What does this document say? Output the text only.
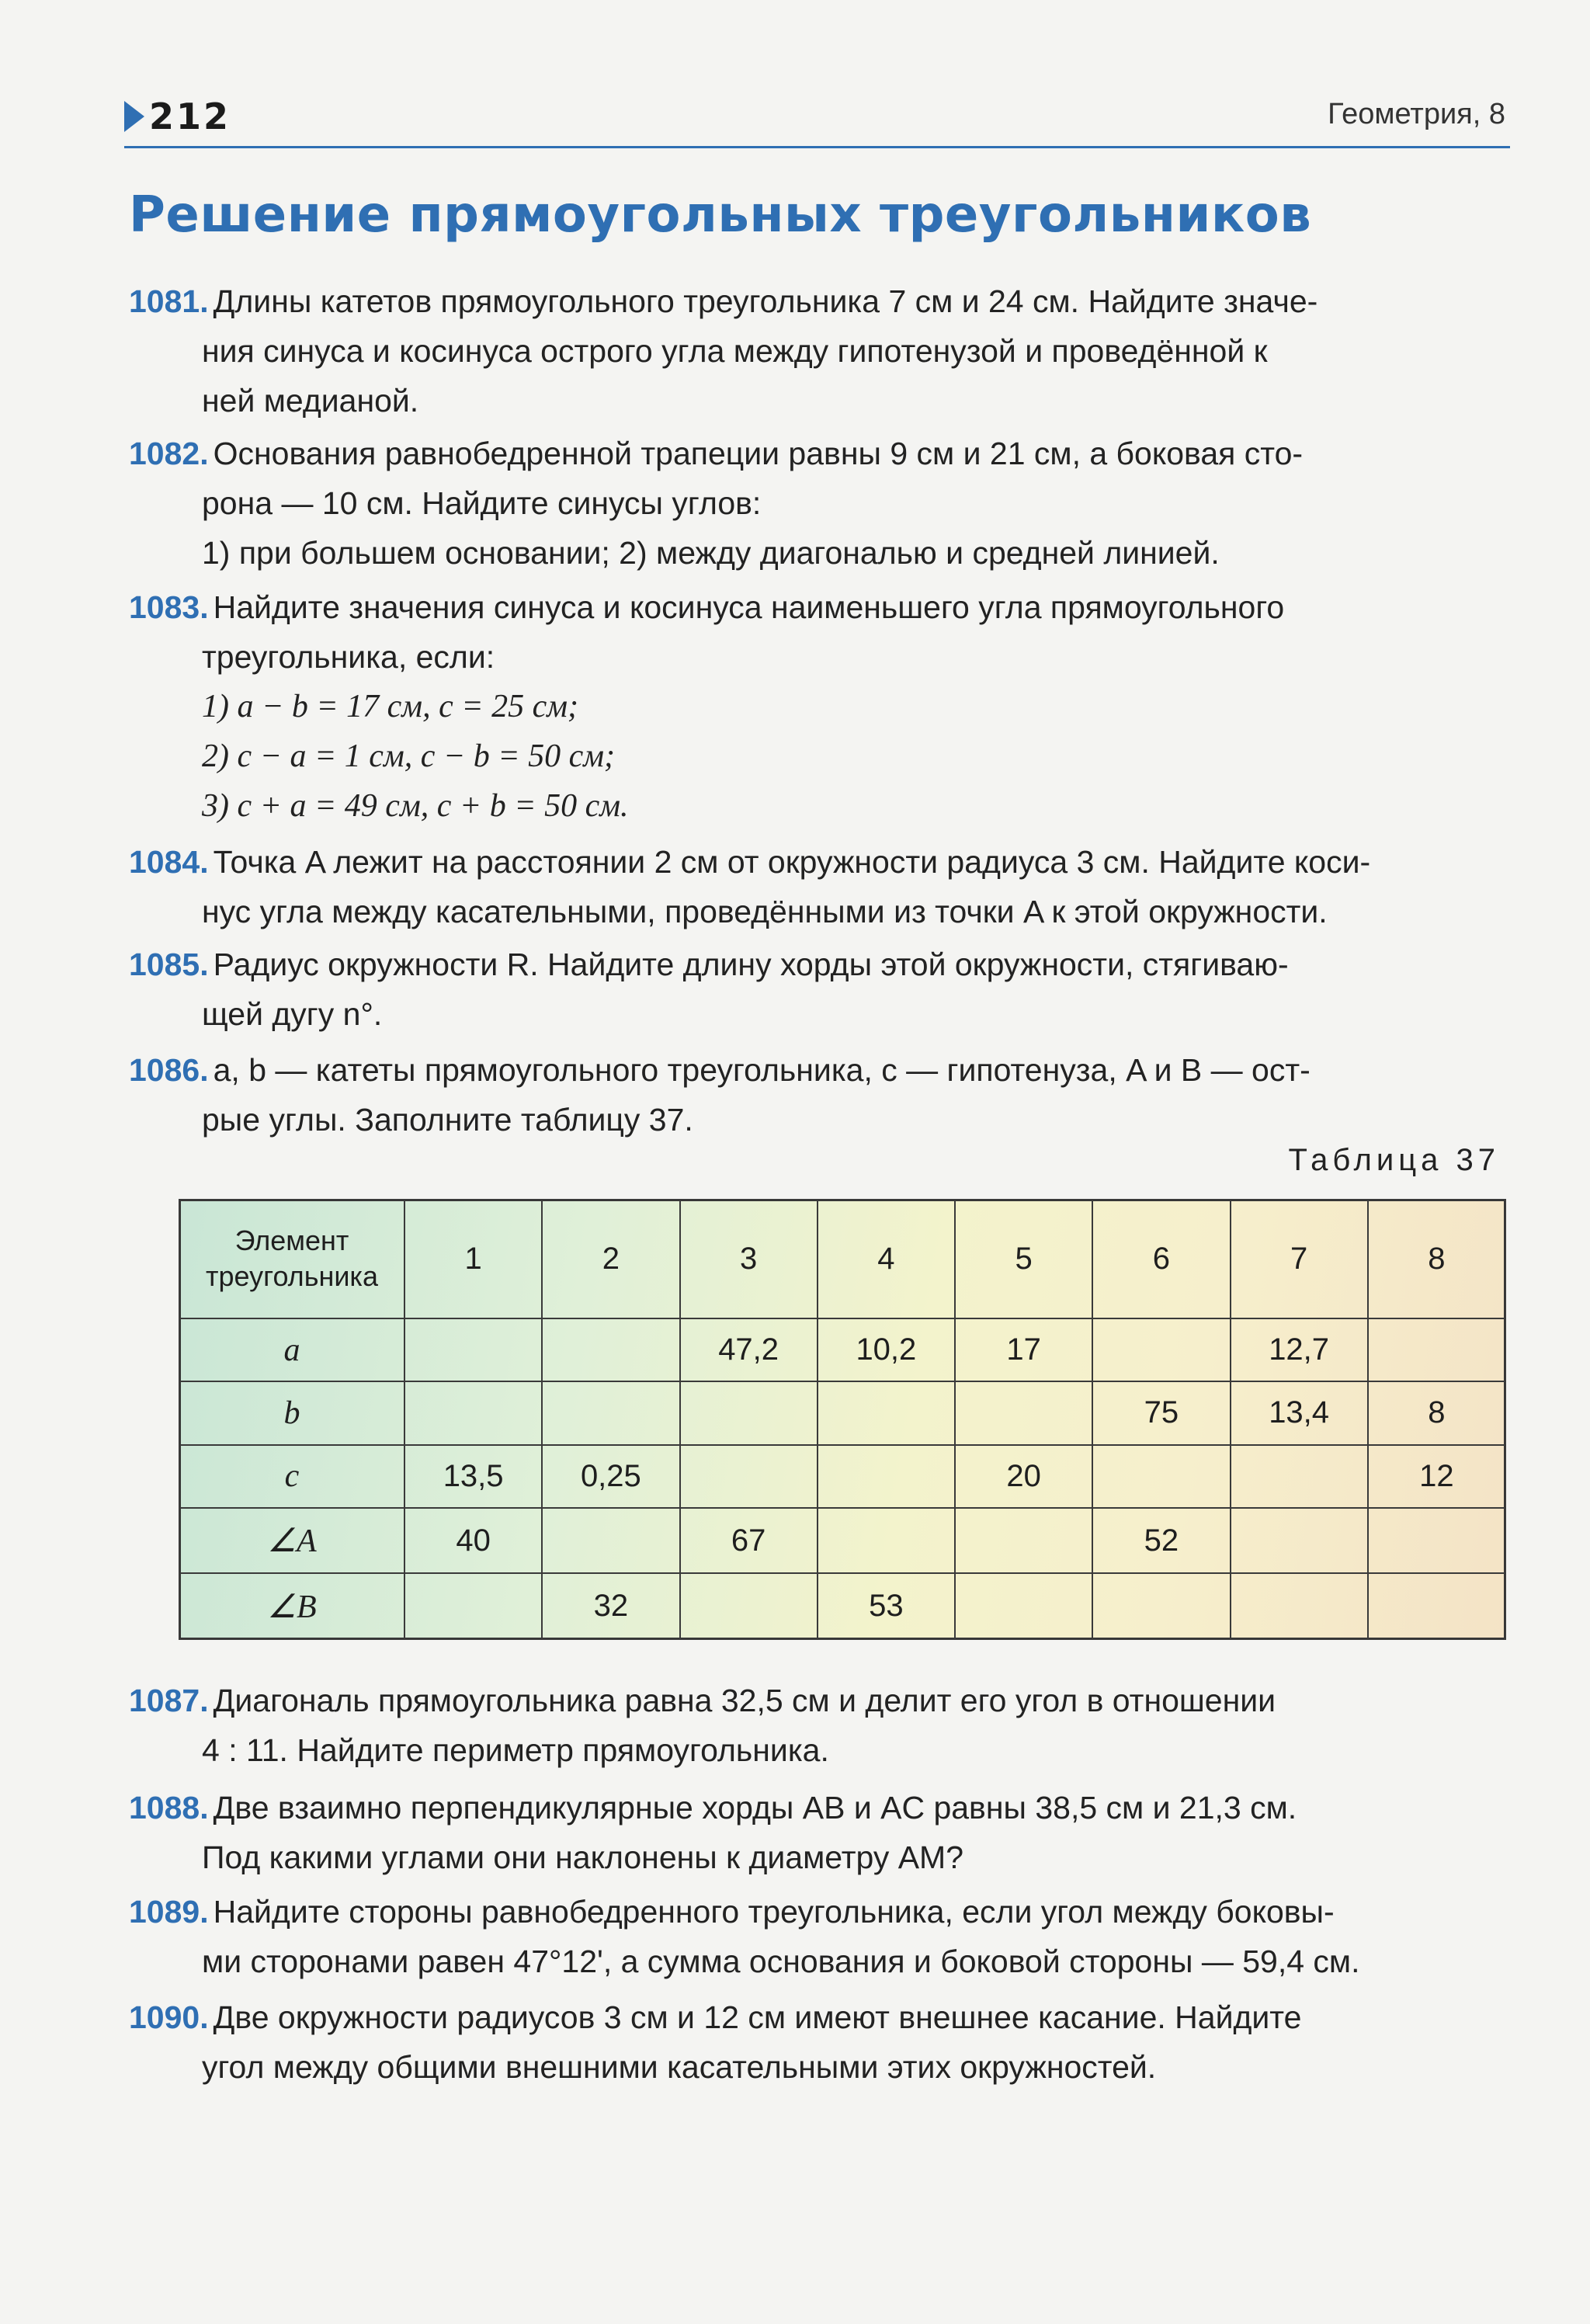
212	Геометрия, 8
Решение прямоугольных треугольников
1081. Длины катетов прямоугольного треугольника 7 см и 24 см. Найдите значе-
ния синуса и косинуса острого угла между гипотенузой и проведённой к
ней медианой.
1082. Основания равнобедренной трапеции равны 9 см и 21 см, а боковая сто-
рона — 10 см. Найдите синусы углов:
1) при большем основании; 2) между диагональю и средней линией.
1083. Найдите значения синуса и косинуса наименьшего угла прямоугольного
треугольника, если:
1) a − b = 17 см, c = 25 см;
2) c − a = 1 см, c − b = 50 см;
3) c + a = 49 см, c + b = 50 см.
1084. Точка A лежит на расстоянии 2 см от окружности радиуса 3 см. Найдите коси-
нус угла между касательными, проведёнными из точки A к этой окружности.
1085. Радиус окружности R. Найдите длину хорды этой окружности, стягиваю-
щей дугу n°.
1086. a, b — катеты прямоугольного треугольника, c — гипотенуза, A и B — ост-
рые углы. Заполните таблицу 37.
Таблица 37
Элемент
треугольника	1	2	3	4	5	6	7	8
a			47,2	10,2	17		12,7	
b						75	13,4	8
c	13,5	0,25			20			12
∠A	40		67			52		
∠B		32		53				
1087. Диагональ прямоугольника равна 32,5 см и делит его угол в отношении
4 : 11. Найдите периметр прямоугольника.
1088. Две взаимно перпендикулярные хорды AB и AC равны 38,5 см и 21,3 см.
Под какими углами они наклонены к диаметру AM?
1089. Найдите стороны равнобедренного треугольника, если угол между боковы-
ми сторонами равен 47°12', а сумма основания и боковой стороны — 59,4 см.
1090. Две окружности радиусов 3 см и 12 см имеют внешнее касание. Найдите
угол между общими внешними касательными этих окружностей.
